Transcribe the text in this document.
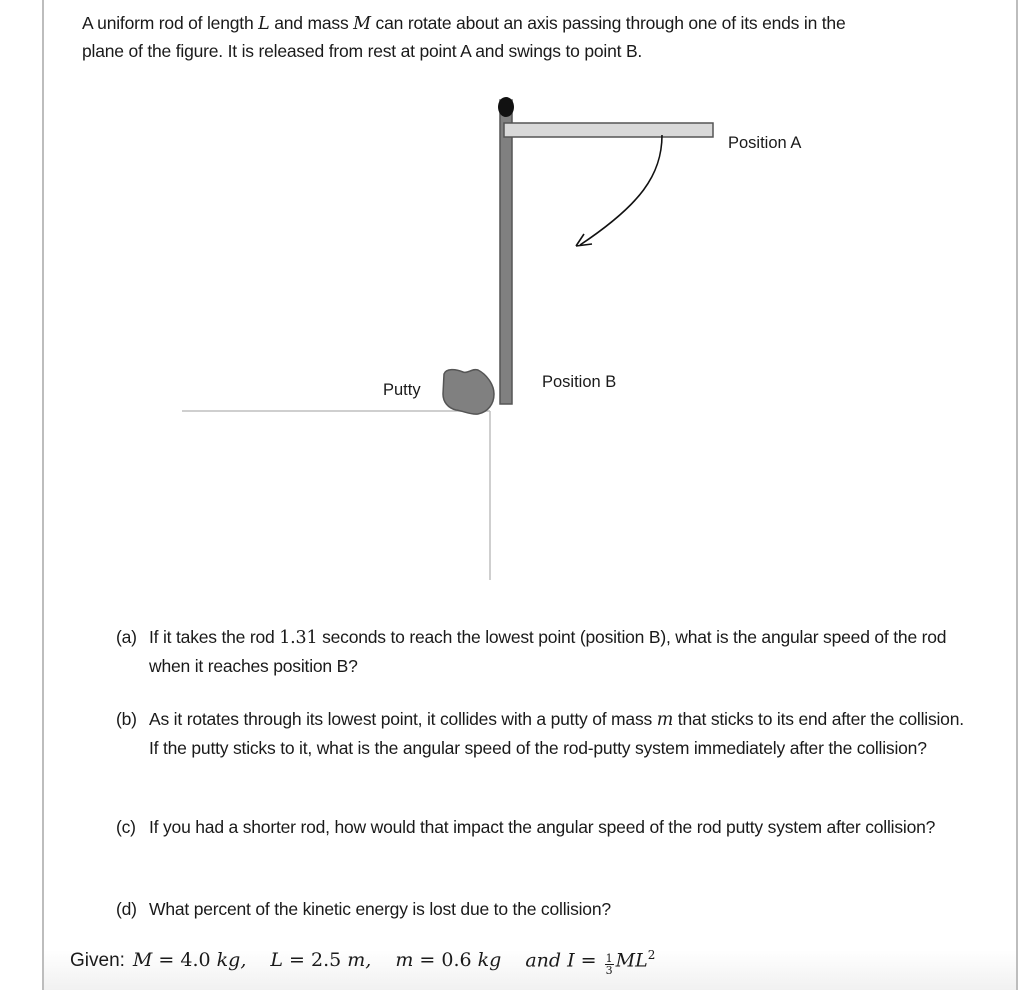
A uniform rod of length L and mass M can rotate about an axis passing through one of its ends in the
plane of the figure. It is released from rest at point A and swings to point B.
Position A
Position B
Putty
(a) If it takes the rod 1.31 seconds to reach the lowest point (position B), what is the angular speed of the rod when it reaches position B?
(b) As it rotates through its lowest point, it collides with a putty of mass m that sticks to its end after the collision. If the putty sticks to it, what is the angular speed of the rod-putty system immediately after the collision?
(c) If you had a shorter rod, how would that impact the angular speed of the rod putty system after collision?
(d) What percent of the kinetic energy is lost due to the collision?
Given: M = 4.0 kg, L = 2.5 m, m = 0.6 kg and $I = \frac{1}{3} ML^2$
